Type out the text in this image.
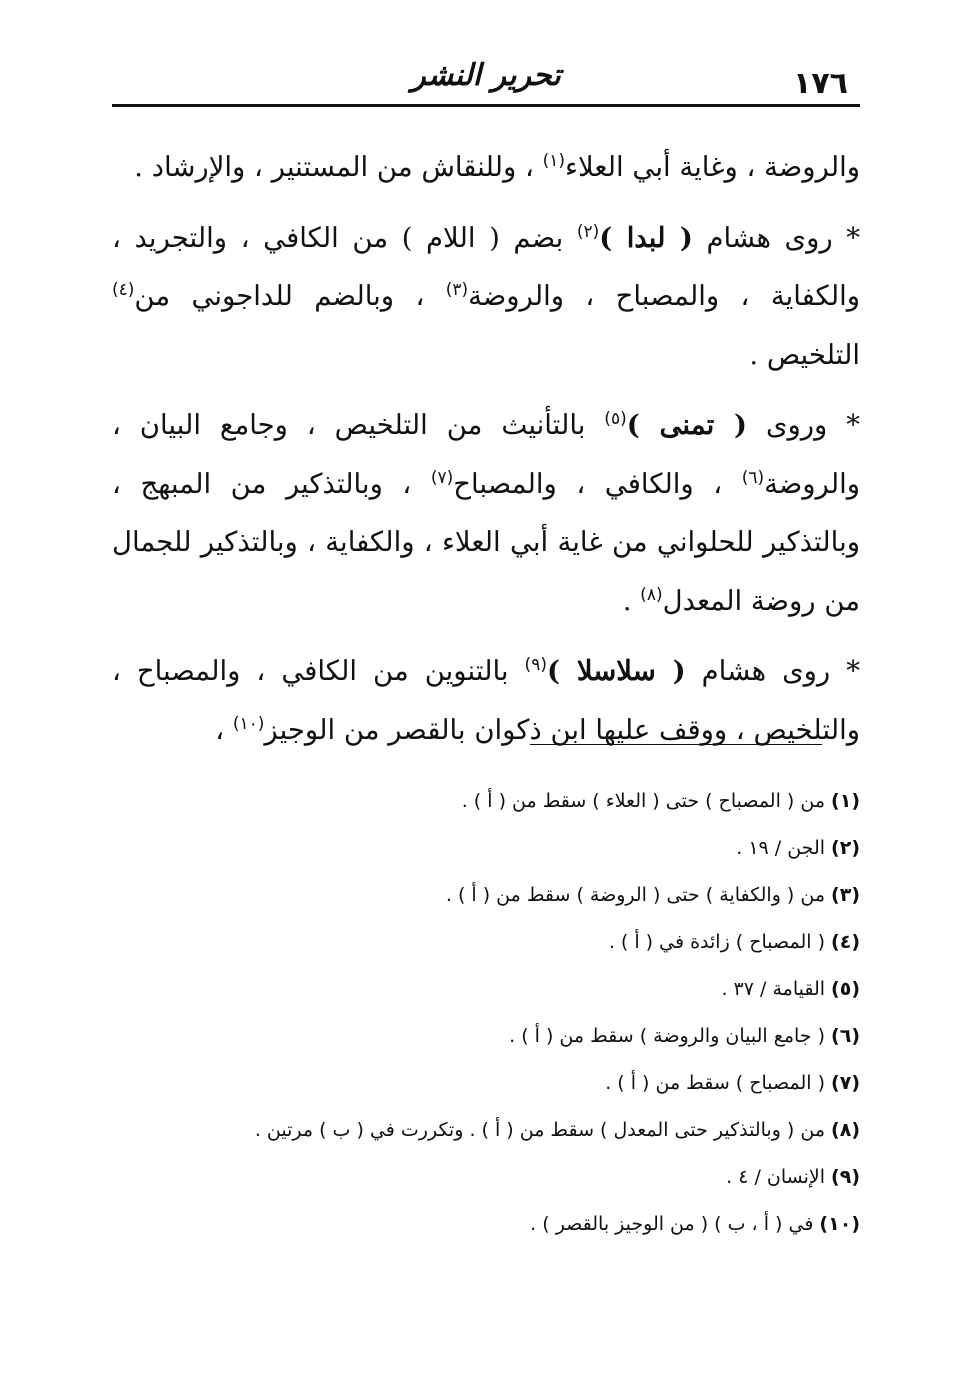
١٧٦
تحرير النشر

والروضة ، وغاية أبي العلاء$^{(١)}$ ، وللنقاش من المستنير ، والإرشاد .

* روى هشام ( لبدا )$^{(٢)}$ بضم ( اللام ) من الكافي ، والتجريد ، والكفاية ، والمصباح ، والروضة$^{(٣)}$ ، وبالضم للداجوني من$^{(٤)}$ التلخيص .

* وروى ( تمنى )$^{(٥)}$ بالتأنيث من التلخيص ، وجامع البيان ، والروضة$^{(٦)}$ ، والكافي ، والمصباح$^{(٧)}$ ، وبالتذكير من المبهج ، وبالتذكير للحلواني من غاية أبي العلاء ، والكفاية ، وبالتذكير للجمال من روضة المعدل$^{(٨)}$ .

* روى هشام ( سلاسلا )$^{(٩)}$ بالتنوين من الكافي ، والمصباح ، والتلخيص ، ووقف عليها ابن ذكوان بالقصر من الوجيز$^{(١٠)}$ ،

(١)من ( المصباح ) حتى ( العلاء ) سقط من ( أ ) .
(٢)الجن / ١٩ .
(٣)من ( والكفاية ) حتى ( الروضة ) سقط من ( أ ) .
(٤)( المصباح ) زائدة في ( أ ) .
(٥)القيامة / ٣٧ .
(٦)( جامع البيان والروضة ) سقط من ( أ ) .
(٧)( المصباح ) سقط من ( أ ) .
(٨)من ( وبالتذكير حتى المعدل ) سقط من ( أ ) . وتكررت في ( ب ) مرتين .
(٩)الإنسان / ٤ .
(١٠)في ( أ ، ب ) ( من الوجيز بالقصر ) .
